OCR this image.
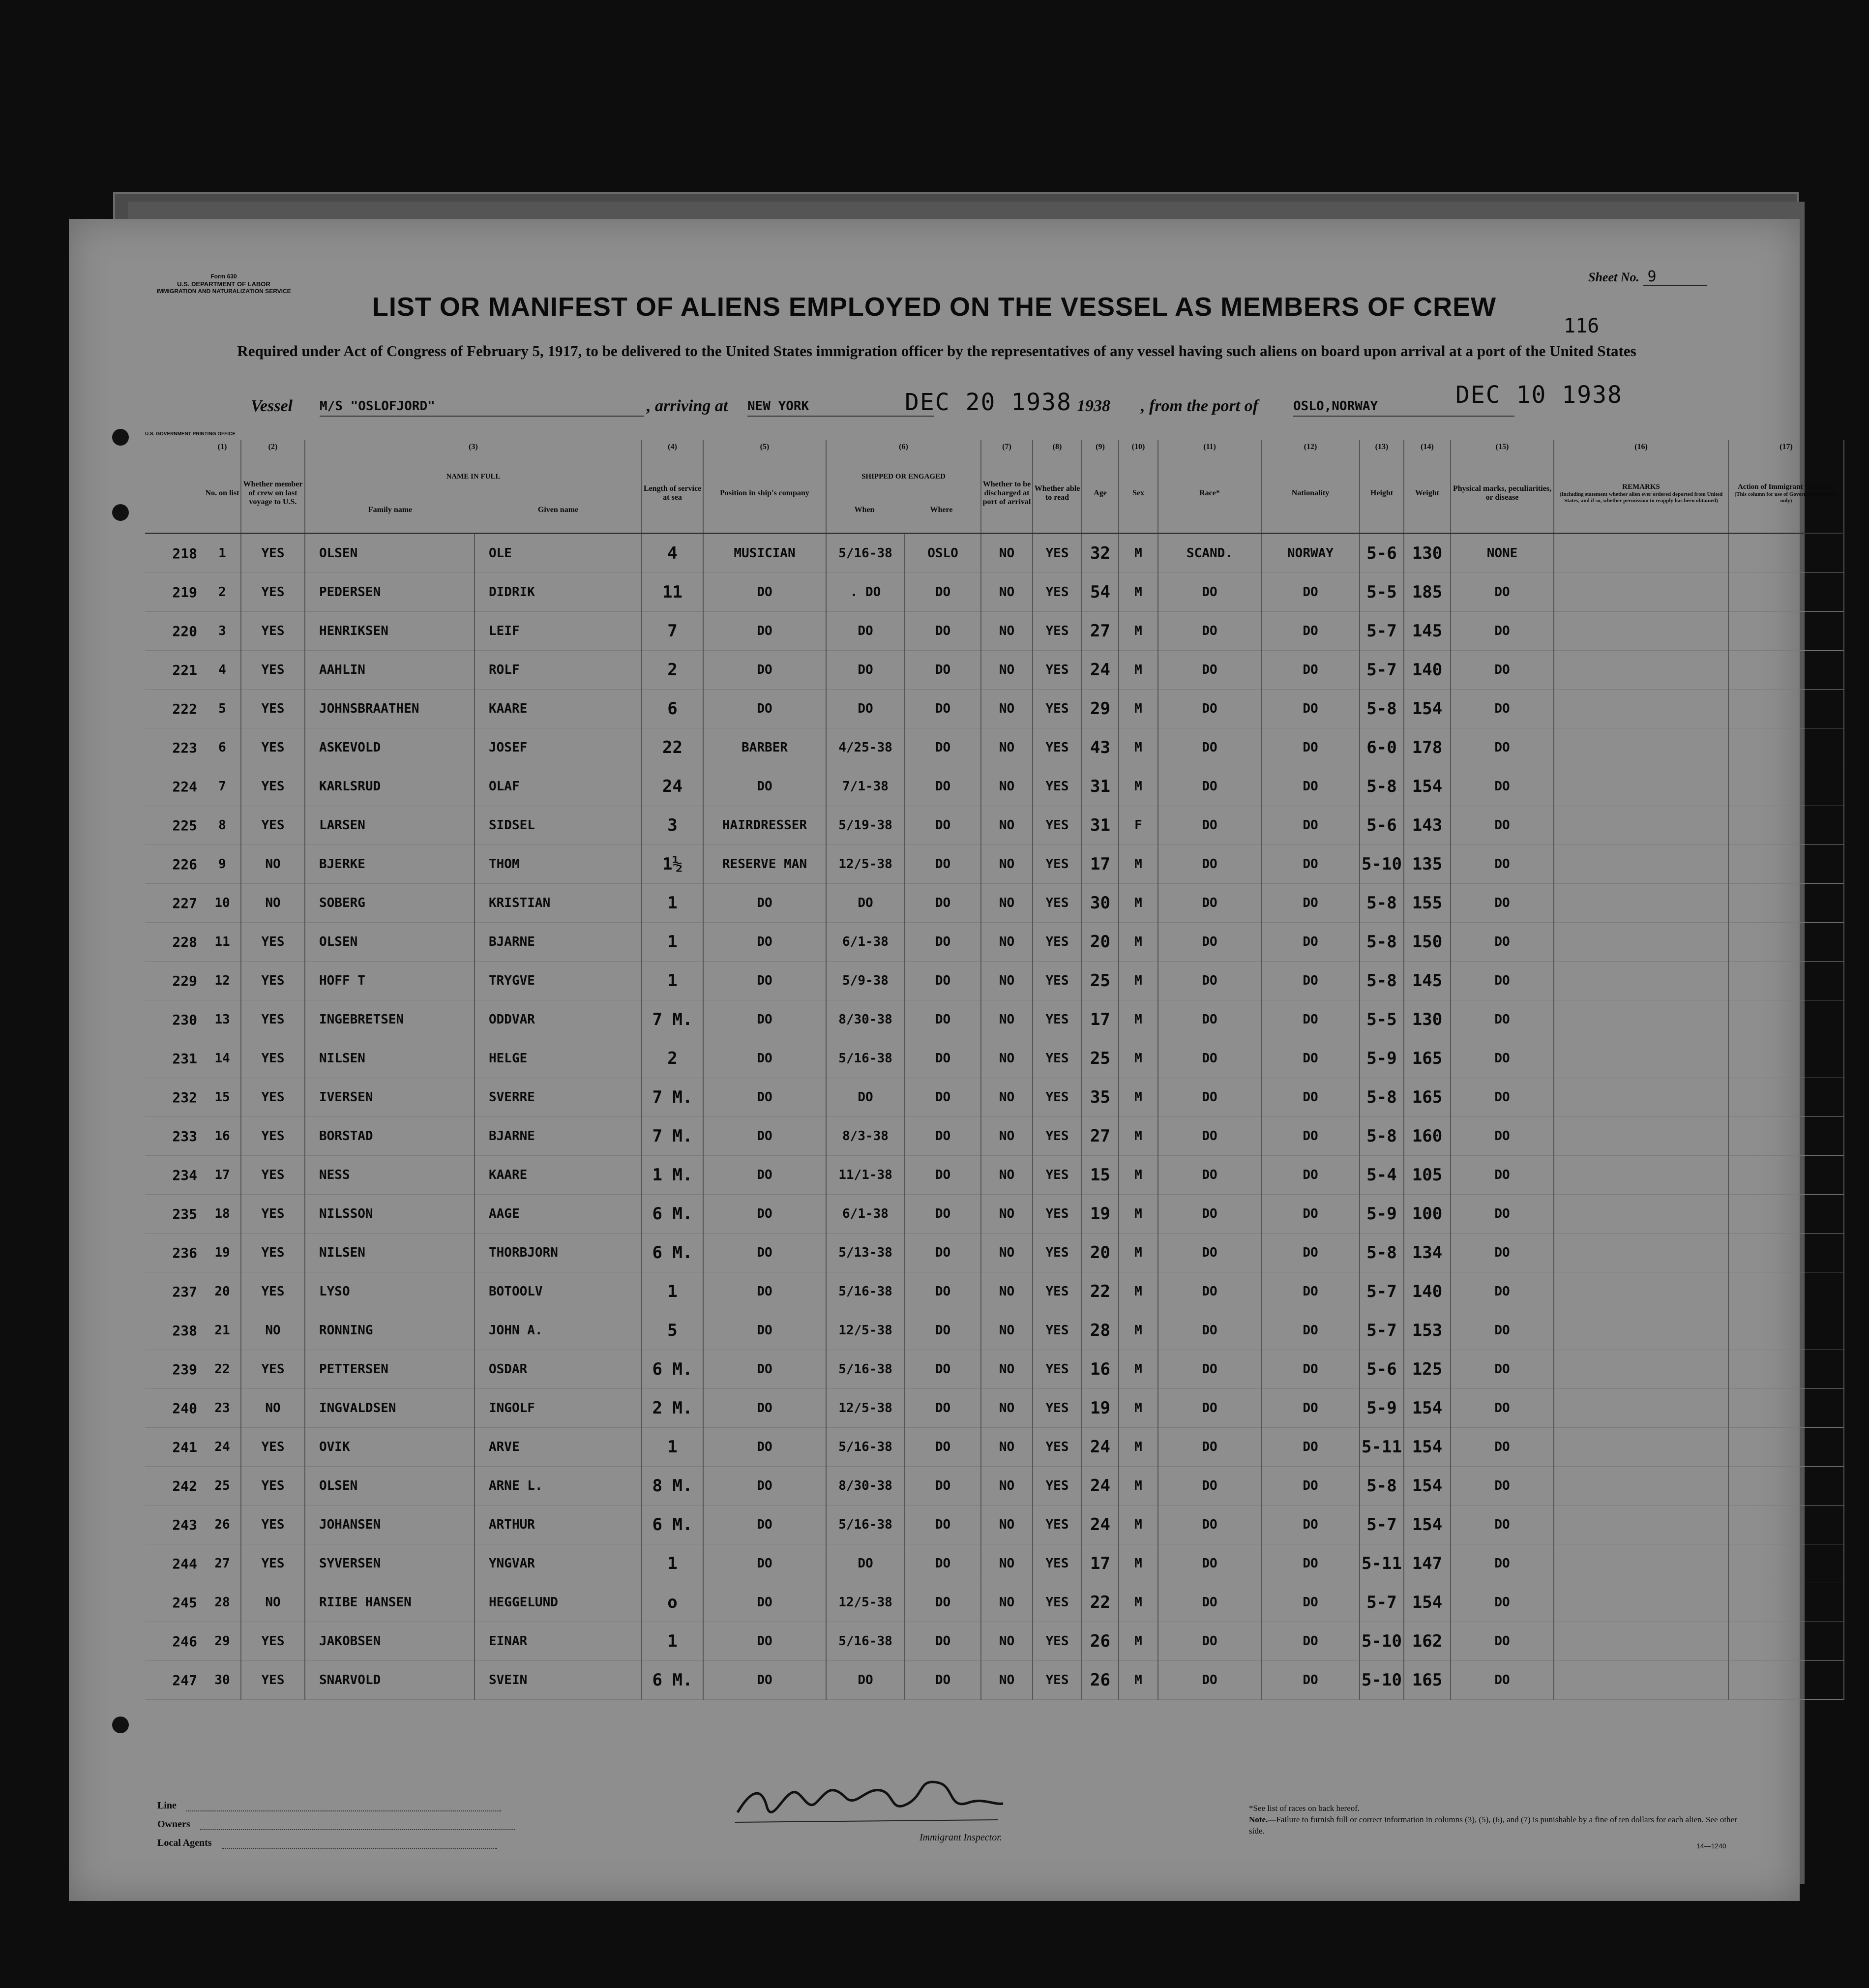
Form 630
U.S. DEPARTMENT OF LABOR
IMMIGRATION AND NATURALIZATION SERVICE
Sheet No. 9
116
LIST OR MANIFEST OF ALIENS EMPLOYED ON THE VESSEL AS MEMBERS OF CREW
Required under Act of Congress of February 5, 1917, to be delivered to the United States immigration officer by the representatives of any vessel having such aliens on board upon arrival at a port of the United States
Vessel M/S "OSLOFJORD"	, arriving at NEW YORK	DEC 20 1938 1938 , from the port of	OSLO,NORWAY	DEC 10 1938
U.S. GOVERNMENT PRINTING OFFICE
	(1)	(2)	(3)		(4)	(5)	(6)		(7)	(8)	(9)	(10)	(11)	(12)	(13)	(14)	(15)	(16)	(17)
	No. on list	Whether member of crew on last voyage to U.S.	NAME IN FULL
Family name Given name		Length of service at sea	Position in ship's company	SHIPPED OR ENGAGED
When Where		Whether to be discharged at port of arrival	Whether able to read	Age	Sex	Race*	Nationality	Height	Weight	Physical marks, peculiarities, or disease	REMARKS
(Including statement whether alien ever ordered deported from United States, and if so, whether permission to reapply has been obtained)	Action of Immigrant Inspector
(This column for use of Government officials only)

218	1	YES	OLSEN	OLE	4	MUSICIAN	5/16-38	OSLO	NO	YES	32	M	SCAND.	NORWAY	5-6	130	NONE		
219	2	YES	PEDERSEN	DIDRIK	11	DO	. DO	DO	NO	YES	54	M	DO	DO	5-5	185	DO		
220	3	YES	HENRIKSEN	LEIF	7	DO	DO	DO	NO	YES	27	M	DO	DO	5-7	145	DO		
221	4	YES	AAHLIN	ROLF	2	DO	DO	DO	NO	YES	24	M	DO	DO	5-7	140	DO		
222	5	YES	JOHNSBRAATHEN	KAARE	6	DO	DO	DO	NO	YES	29	M	DO	DO	5-8	154	DO		
223	6	YES	ASKEVOLD	JOSEF	22	BARBER	4/25-38	DO	NO	YES	43	M	DO	DO	6-0	178	DO		
224	7	YES	KARLSRUD	OLAF	24	DO	7/1-38	DO	NO	YES	31	M	DO	DO	5-8	154	DO		
225	8	YES	LARSEN	SIDSEL	3	HAIRDRESSER	5/19-38	DO	NO	YES	31	F	DO	DO	5-6	143	DO		
226	9	NO	BJERKE	THOM	1½	RESERVE MAN	12/5-38	DO	NO	YES	17	M	DO	DO	5-10	135	DO		
227	10	NO	SOBERG	KRISTIAN	1	DO	DO	DO	NO	YES	30	M	DO	DO	5-8	155	DO		
228	11	YES	OLSEN	BJARNE	1	DO	6/1-38	DO	NO	YES	20	M	DO	DO	5-8	150	DO		
229	12	YES	HOFF T	TRYGVE	1	DO	5/9-38	DO	NO	YES	25	M	DO	DO	5-8	145	DO		
230	13	YES	INGEBRETSEN	ODDVAR	7 M.	DO	8/30-38	DO	NO	YES	17	M	DO	DO	5-5	130	DO		
231	14	YES	NILSEN	HELGE	2	DO	5/16-38	DO	NO	YES	25	M	DO	DO	5-9	165	DO		
232	15	YES	IVERSEN	SVERRE	7 M.	DO	DO	DO	NO	YES	35	M	DO	DO	5-8	165	DO		
233	16	YES	BORSTAD	BJARNE	7 M.	DO	8/3-38	DO	NO	YES	27	M	DO	DO	5-8	160	DO		
234	17	YES	NESS	KAARE	1 M.	DO	11/1-38	DO	NO	YES	15	M	DO	DO	5-4	105	DO		
235	18	YES	NILSSON	AAGE	6 M.	DO	6/1-38	DO	NO	YES	19	M	DO	DO	5-9	100	DO		
236	19	YES	NILSEN	THORBJORN	6 M.	DO	5/13-38	DO	NO	YES	20	M	DO	DO	5-8	134	DO		
237	20	YES	LYSO	BOTOOLV	1	DO	5/16-38	DO	NO	YES	22	M	DO	DO	5-7	140	DO		
238	21	NO	RONNING	JOHN A.	5	DO	12/5-38	DO	NO	YES	28	M	DO	DO	5-7	153	DO		
239	22	YES	PETTERSEN	OSDAR	6 M.	DO	5/16-38	DO	NO	YES	16	M	DO	DO	5-6	125	DO		
240	23	NO	INGVALDSEN	INGOLF	2 M.	DO	12/5-38	DO	NO	YES	19	M	DO	DO	5-9	154	DO		
241	24	YES	OVIK	ARVE	1	DO	5/16-38	DO	NO	YES	24	M	DO	DO	5-11	154	DO		
242	25	YES	OLSEN	ARNE L.	8 M.	DO	8/30-38	DO	NO	YES	24	M	DO	DO	5-8	154	DO		
243	26	YES	JOHANSEN	ARTHUR	6 M.	DO	5/16-38	DO	NO	YES	24	M	DO	DO	5-7	154	DO		
244	27	YES	SYVERSEN	YNGVAR	1	DO	DO	DO	NO	YES	17	M	DO	DO	5-11	147	DO		
245	28	NO	RIIBE HANSEN	HEGGELUND	o	DO	12/5-38	DO	NO	YES	22	M	DO	DO	5-7	154	DO		
246	29	YES	JAKOBSEN	EINAR	1	DO	5/16-38	DO	NO	YES	26	M	DO	DO	5-10	162	DO		
247	30	YES	SNARVOLD	SVEIN	6 M.	DO	DO	DO	NO	YES	26	M	DO	DO	5-10	165	DO		
Line
Owners
Local Agents	Immigrant Inspector.
*See list of races on back hereof.
Note.—Failure to furnish full or correct information in columns (3), (5), (6), and (7) is punishable by a fine of ten dollars for each alien. See other side.
14—1240
